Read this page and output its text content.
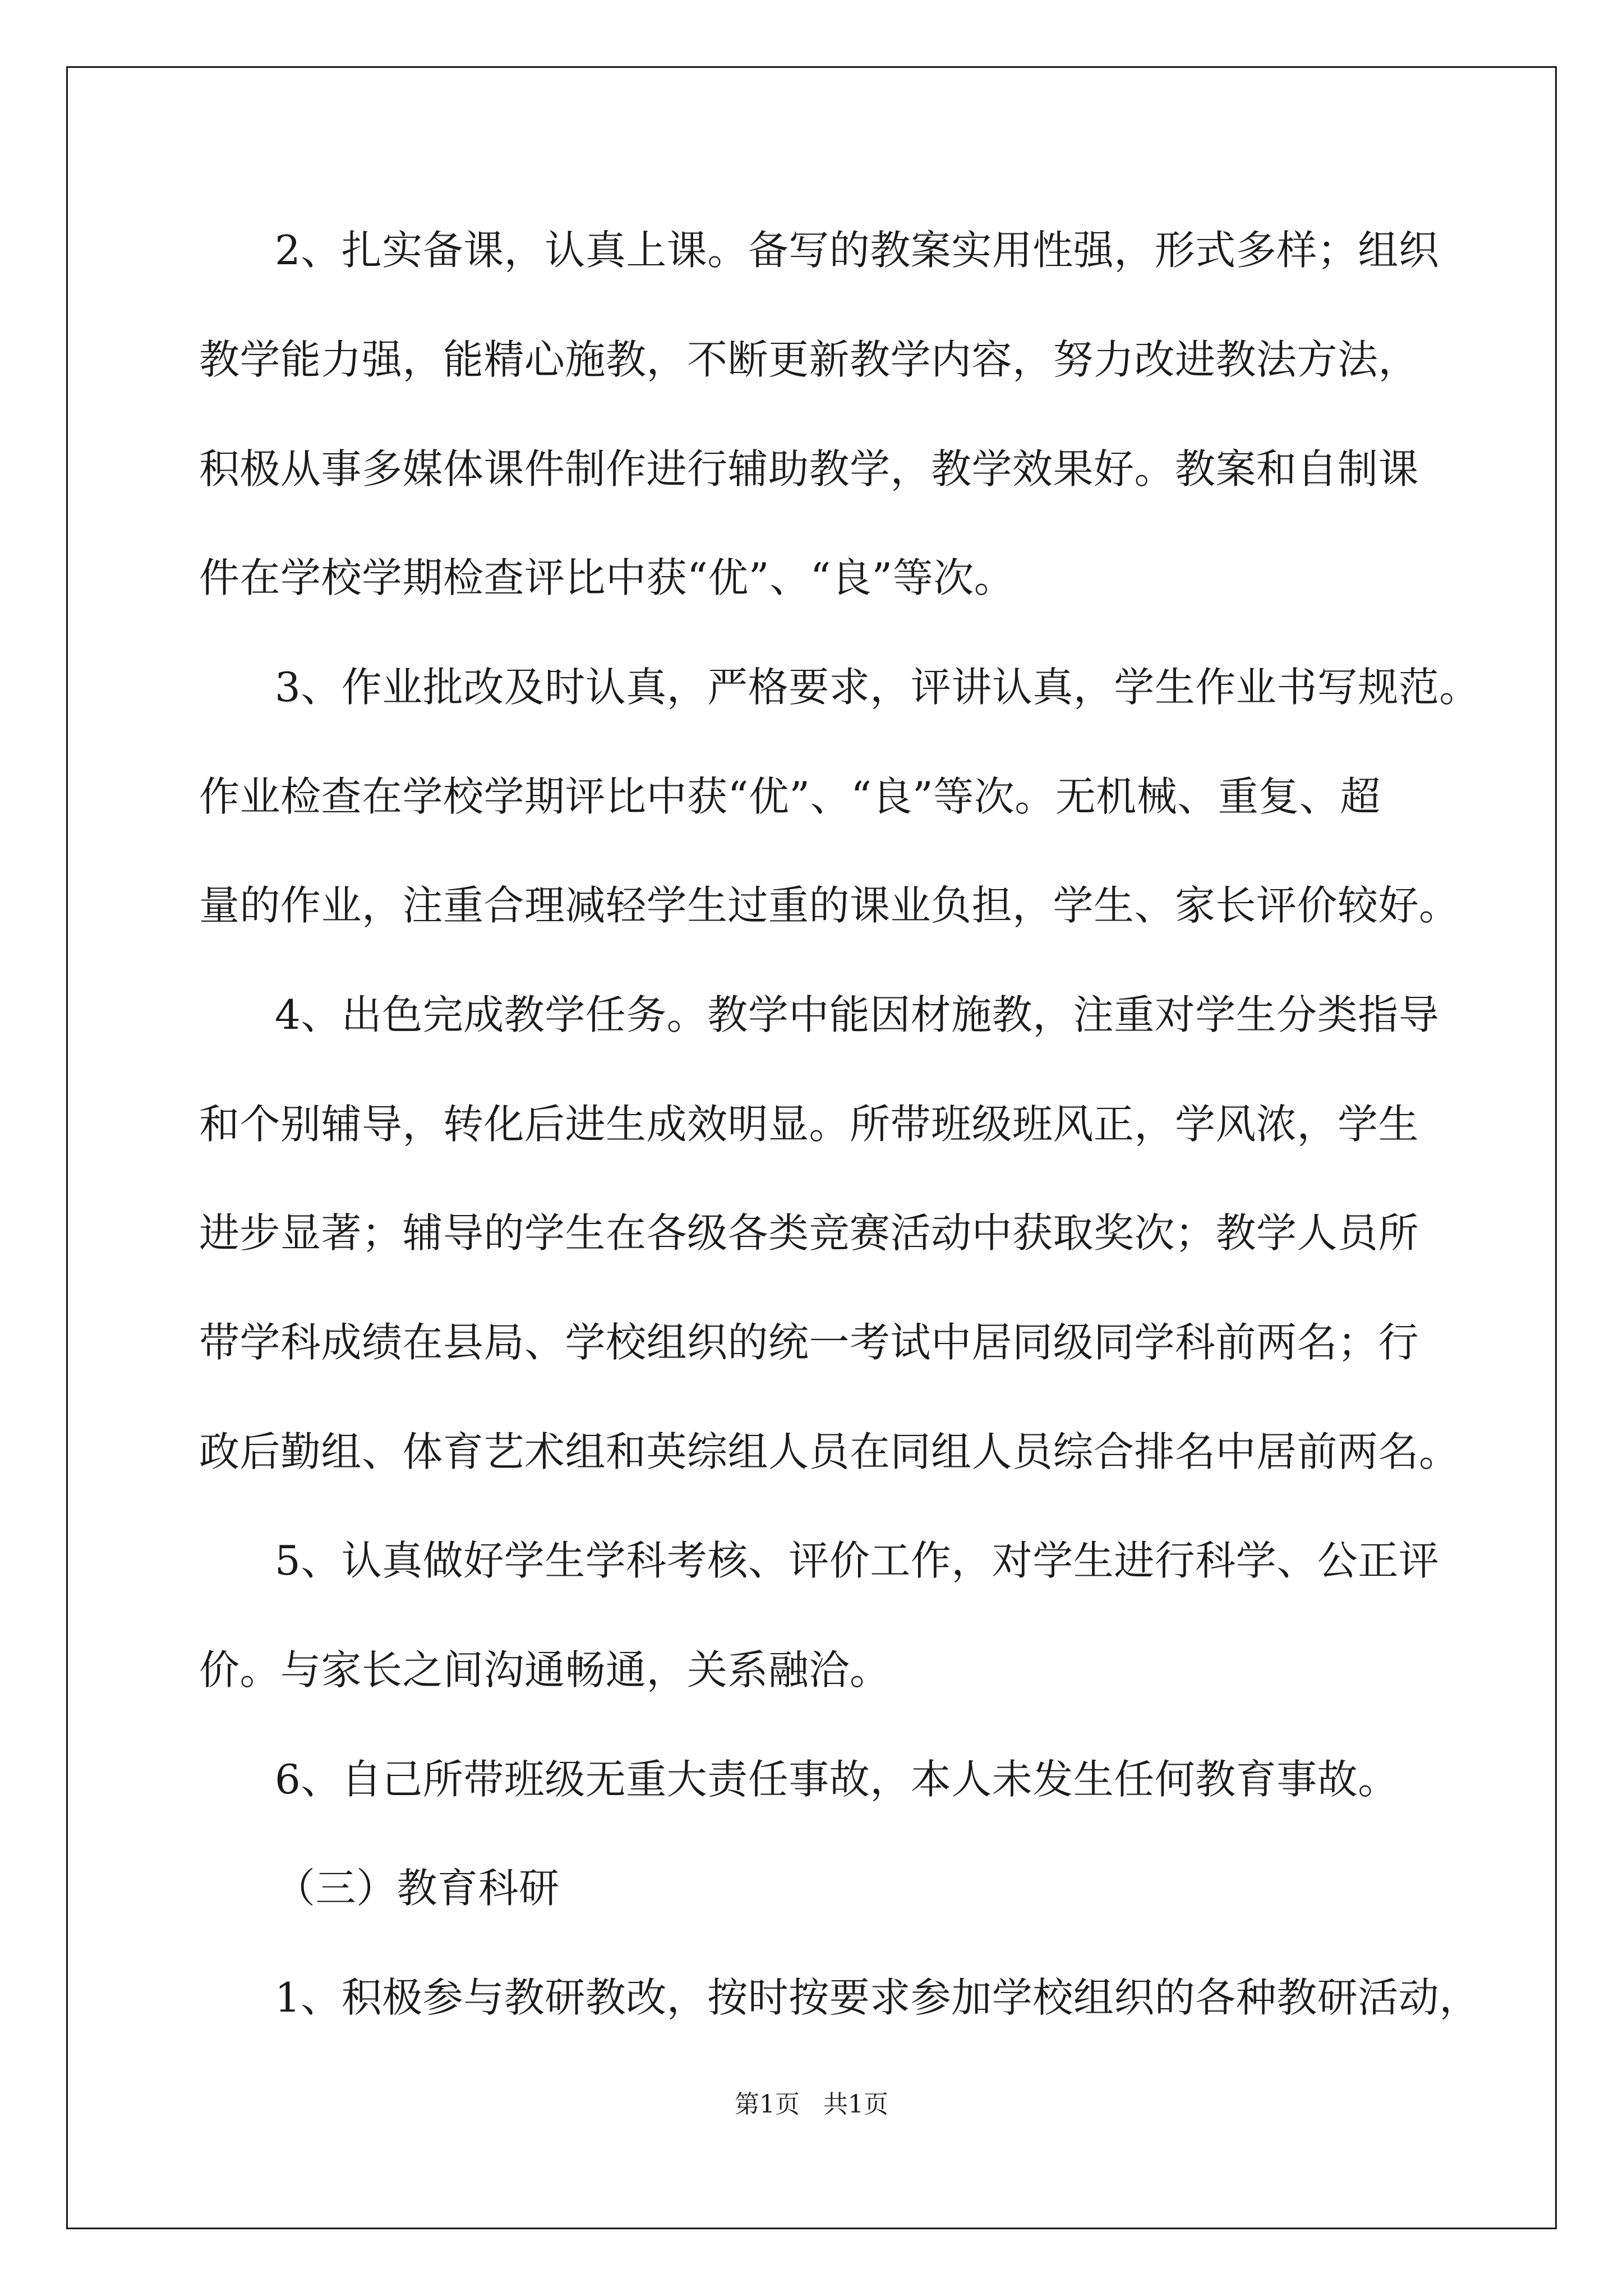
2、扎实备课，认真上课。备写的教案实用性强，形式多样；组织
教学能力强，能精心施教，不断更新教学内容，努力改进教法方法，
积极从事多媒体课件制作进行辅助教学，教学效果好。教案和自制课
件在学校学期检查评比中获“优”、“良”等次。
3、作业批改及时认真，严格要求，评讲认真，学生作业书写规范。
作业检查在学校学期评比中获“优”、“良”等次。无机械、重复、超
量的作业，注重合理减轻学生过重的课业负担，学生、家长评价较好。
4、出色完成教学任务。教学中能因材施教，注重对学生分类指导
和个别辅导，转化后进生成效明显。所带班级班风正，学风浓，学生
进步显著；辅导的学生在各级各类竞赛活动中获取奖次；教学人员所
带学科成绩在县局、学校组织的统一考试中居同级同学科前两名；行
政后勤组、体育艺术组和英综组人员在同组人员综合排名中居前两名。
5、认真做好学生学科考核、评价工作，对学生进行科学、公正评
价。与家长之间沟通畅通，关系融洽。
6、自己所带班级无重大责任事故，本人未发生任何教育事故。
（三）教育科研
1、积极参与教研教改，按时按要求参加学校组织的各种教研活动，
第1页   共1页
